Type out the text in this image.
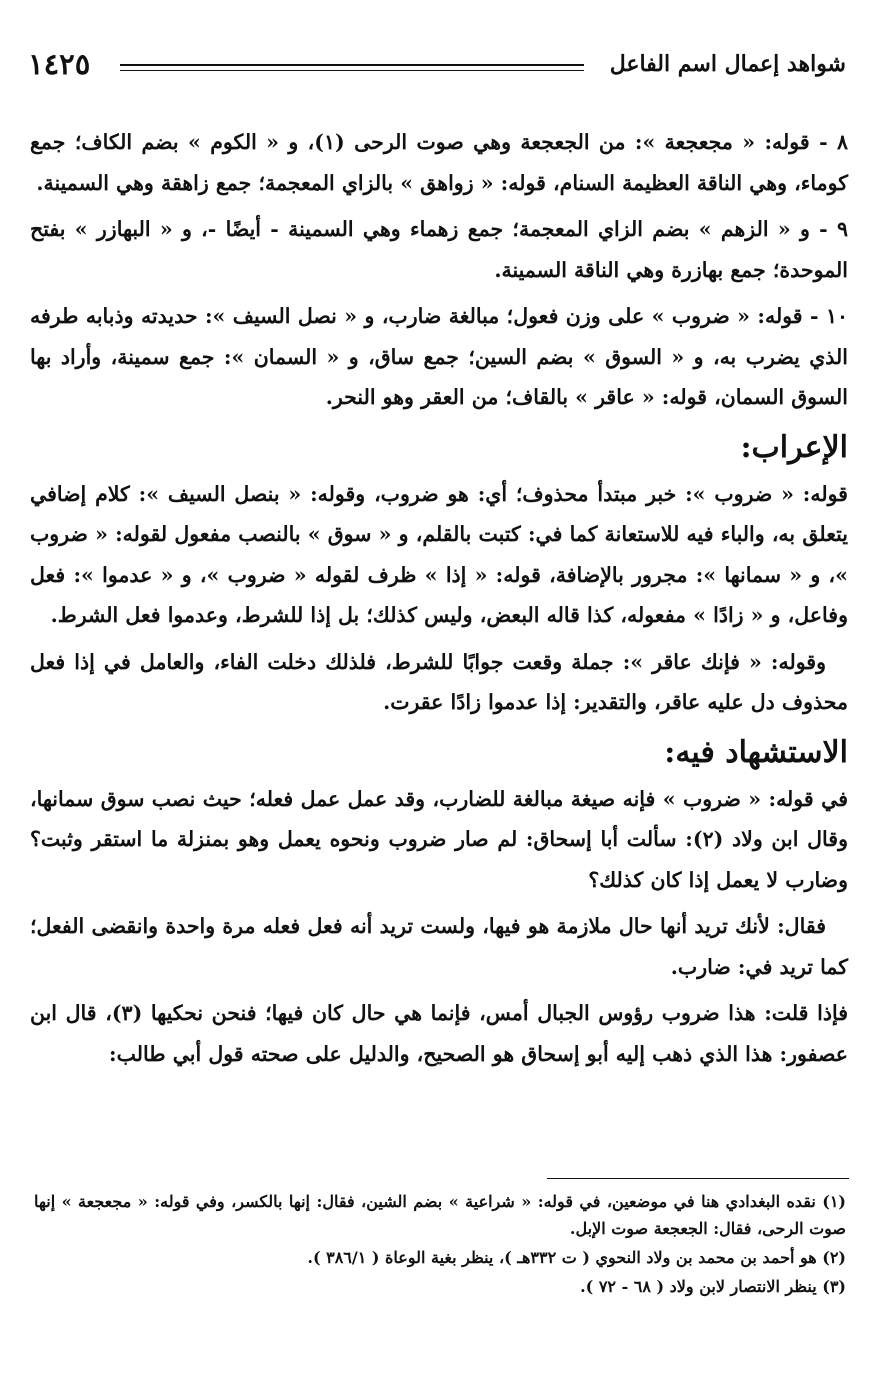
١٤٢٥	شواهد إعمال اسم الفاعل

٨ - قوله: « مجعجعة »: من الجعجعة وهي صوت الرحى (١)، و « الكوم » بضم الكاف؛ جمع كوماء، وهي الناقة العظيمة السنام، قوله: « زواهق » بالزاي المعجمة؛ جمع زاهقة وهي السمينة.

٩ - و « الزهم » بضم الزاي المعجمة؛ جمع زهماء وهي السمينة - أيضًا -، و « البهازر » بفتح الموحدة؛ جمع بهازرة وهي الناقة السمينة.

١٠ - قوله: « ضروب » على وزن فعول؛ مبالغة ضارب، و « نصل السيف »: حديدته وذبابه طرفه الذي يضرب به، و « السوق » بضم السين؛ جمع ساق، و « السمان »: جمع سمينة، وأراد بها السوق السمان، قوله: « عاقر » بالقاف؛ من العقر وهو النحر.

الإعراب:

قوله: « ضروب »: خبر مبتدأ محذوف؛ أي: هو ضروب، وقوله: « بنصل السيف »: كلام إضافي يتعلق به، والباء فيه للاستعانة كما في: كتبت بالقلم، و « سوق » بالنصب مفعول لقوله: « ضروب »، و « سمانها »: مجرور بالإضافة، قوله: « إذا » ظرف لقوله « ضروب »، و « عدموا »: فعل وفاعل، و « زادًا » مفعوله، كذا قاله البعض، وليس كذلك؛ بل إذا للشرط، وعدموا فعل الشرط.

وقوله: « فإنك عاقر »: جملة وقعت جوابًا للشرط، فلذلك دخلت الفاء، والعامل في إذا فعل محذوف دل عليه عاقر، والتقدير: إذا عدموا زادًا عقرت.

الاستشهاد فيه:

في قوله: « ضروب » فإنه صيغة مبالغة للضارب، وقد عمل عمل فعله؛ حيث نصب سوق سمانها، وقال ابن ولاد (٢): سألت أبا إسحاق: لم صار ضروب ونحوه يعمل وهو بمنزلة ما استقر وثبت؟ وضارب لا يعمل إذا كان كذلك؟

فقال: لأنك تريد أنها حال ملازمة هو فيها، ولست تريد أنه فعل فعله مرة واحدة وانقضى الفعل؛ كما تريد في: ضارب.

فإذا قلت: هذا ضروب رؤوس الجبال أمس، فإنما هي حال كان فيها؛ فنحن نحكيها (٣)، قال ابن عصفور: هذا الذي ذهب إليه أبو إسحاق هو الصحيح، والدليل على صحته قول أبي طالب:

(١) نقده البغدادي هنا في موضعين، في قوله: « شراعية » بضم الشين، فقال: إنها بالكسر، وفي قوله: « مجعجعة » إنها صوت الرحى، فقال: الجعجعة صوت الإبل.

(٢) هو أحمد بن محمد بن ولاد النحوي ( ت ٣٣٢هـ )، ينظر بغية الوعاة ( ٣٨٦/١ ).

(٣) ينظر الانتصار لابن ولاد ( ٦٨ - ٧٢ ).
